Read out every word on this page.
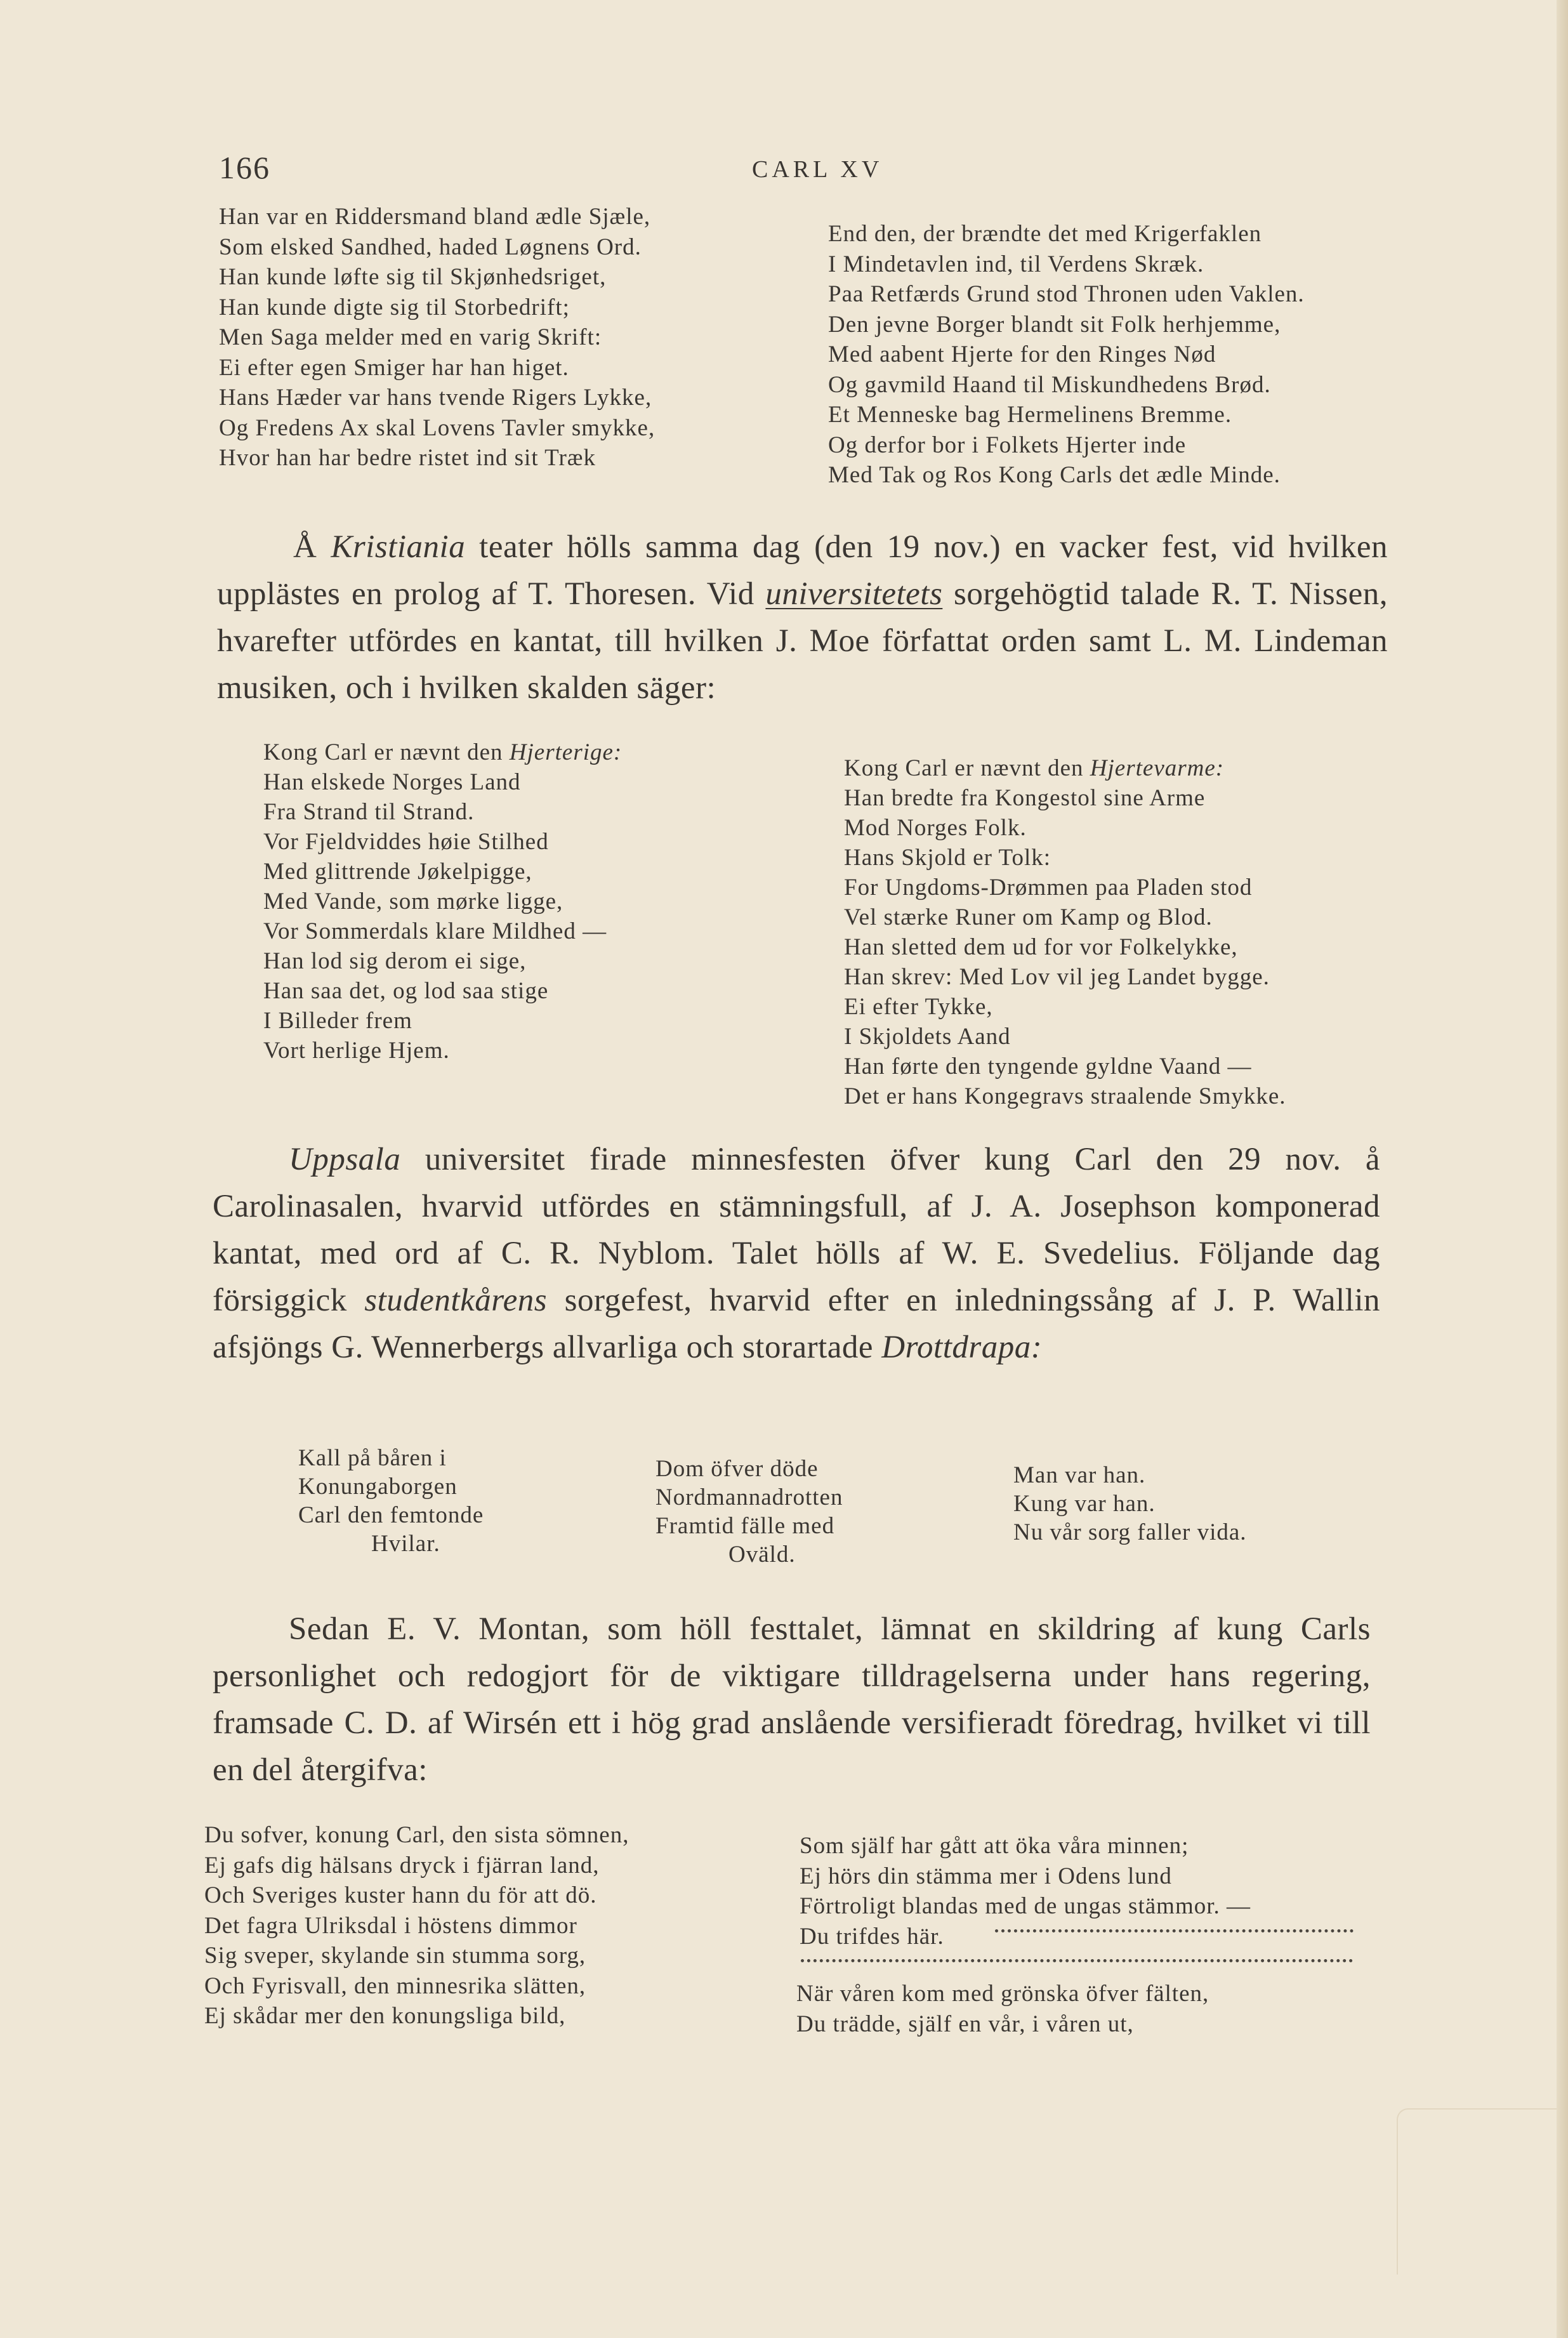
166	CARL XV
Han var en Riddersmand bland ædle Sjæle,
Som elsked Sandhed, haded Løgnens Ord.
Han kunde løfte sig til Skjønhedsriget,
Han kunde digte sig til Storbedrift;
Men Saga melder med en varig Skrift:
Ei efter egen Smiger har han higet.
Hans Hæder var hans tvende Rigers Lykke,
Og Fredens Ax skal Lovens Tavler smykke,
Hvor han har bedre ristet ind sit Træk
End den, der brændte det med Krigerfaklen
I Mindetavlen ind, til Verdens Skræk.
Paa Retfærds Grund stod Thronen uden Vaklen.
Den jevne Borger blandt sit Folk herhjemme,
Med aabent Hjerte for den Ringes Nød
Og gavmild Haand til Miskundhedens Brød.
Et Menneske bag Hermelinens Bremme.
Og derfor bor i Folkets Hjerter inde
Med Tak og Ros Kong Carls det ædle Minde.

Å Kristiania teater hölls samma dag (den 19 nov.) en vacker fest, vid hvilken upplästes en prolog af T. Thoresen. Vid universitetets sorgehögtid talade R. T. Nissen, hvarefter utfördes en kantat, till hvilken J. Moe författat orden samt L. M. Lindeman musiken, och i hvilken skalden säger:

Kong Carl er nævnt den Hjerterige:
Han elskede Norges Land
Fra Strand til Strand.
Vor Fjeldviddes høie Stilhed
Med glittrende Jøkelpigge,
Med Vande, som mørke ligge,
Vor Sommerdals klare Mildhed —
Han lod sig derom ei sige,
Han saa det, og lod saa stige
I Billeder frem
Vort herlige Hjem.
Kong Carl er nævnt den Hjertevarme:
Han bredte fra Kongestol sine Arme
Mod Norges Folk.
Hans Skjold er Tolk:
For Ungdoms-Drømmen paa Pladen stod
Vel stærke Runer om Kamp og Blod.
Han sletted dem ud for vor Folkelykke,
Han skrev: Med Lov vil jeg Landet bygge.
Ei efter Tykke,
I Skjoldets Aand
Han førte den tyngende gyldne Vaand —
Det er hans Kongegravs straalende Smykke.

Uppsala universitet firade minnesfesten öfver kung Carl den 29 nov. å Carolinasalen, hvarvid utfördes en stämningsfull, af J. A. Josephson komponerad kantat, med ord af C. R. Nyblom. Talet hölls af W. E. Svedelius. Följande dag försiggick studentkårens sorgefest, hvarvid efter en inledningssång af J. P. Wallin afsjöngs G. Wennerbergs allvarliga och storartade Drottdrapa:

Kall på båren i
Konungaborgen
Carl den femtonde
Hvilar.
Dom öfver döde
Nordmannadrotten
Framtid fälle med
Oväld.
Man var han.
Kung var han.
Nu vår sorg faller vida.

Sedan E. V. Montan, som höll festtalet, lämnat en skildring af kung Carls personlighet och redogjort för de viktigare tilldragelserna under hans regering, framsade C. D. af Wirsén ett i hög grad anslående versifieradt föredrag, hvilket vi till en del återgifva:

Du sofver, konung Carl, den sista sömnen,
Ej gafs dig hälsans dryck i fjärran land,
Och Sveriges kuster hann du för att dö.
Det fagra Ulriksdal i höstens dimmor
Sig sveper, skylande sin stumma sorg,
Och Fyrisvall, den minnesrika slätten,
Ej skådar mer den konungsliga bild,
Som själf har gått att öka våra minnen;
Ej hörs din stämma mer i Odens lund
Förtroligt blandas med de ungas stämmor. —
Du trifdes här.
När våren kom med grönska öfver fälten,
Du trädde, själf en vår, i våren ut,
